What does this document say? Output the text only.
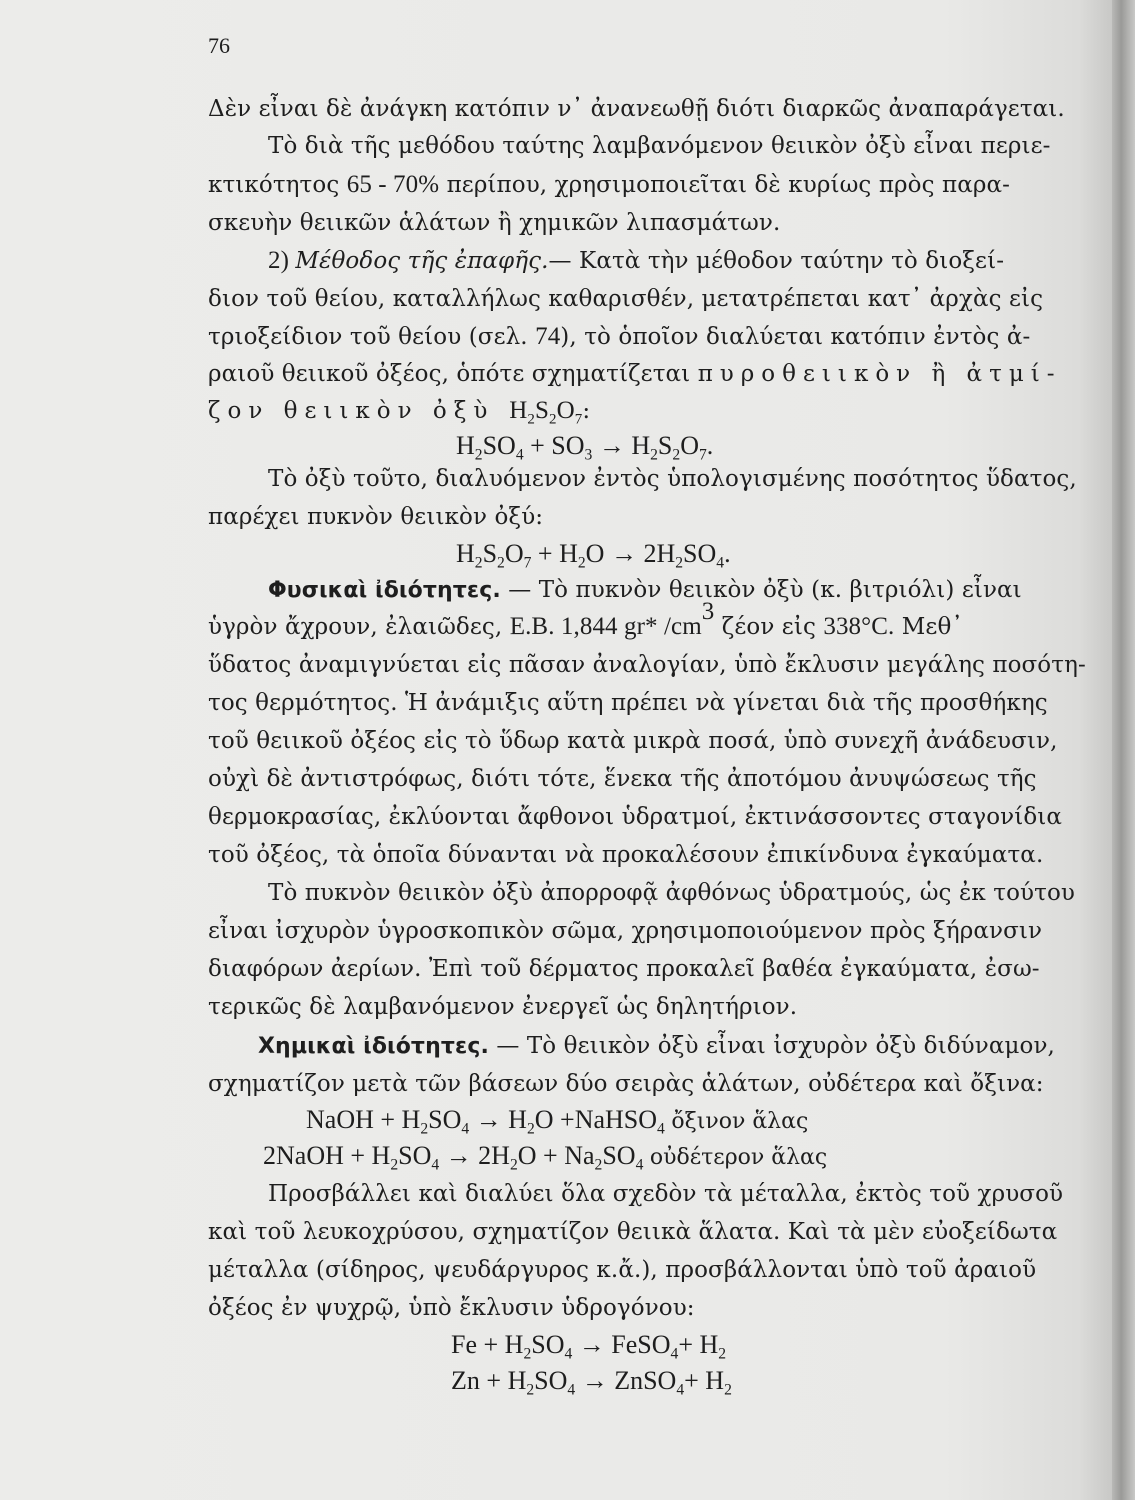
76
Δὲν εἶναι δὲ ἀνάγκη κατόπιν ν᾿ ἀνανεωθῇ διότι διαρκῶς ἀναπαράγεται.
Τὸ διὰ τῆς μεθόδου ταύτης λαμβανόμενον θειικὸν ὀξὺ εἶναι περιε-
κτικότητος 65 - 70% περίπου, χρησιμοποιεῖται δὲ κυρίως πρὸς παρα-
σκευὴν θειικῶν ἁλάτων ἢ χημικῶν λιπασμάτων.
2) Μέθοδος τῆς ἐπαφῆς.— Κατὰ τὴν μέθοδον ταύτην τὸ διοξεί-
διον τοῦ θείου, καταλλήλως καθαρισθέν, μετατρέπεται κατ᾿ ἀρχὰς εἰς
τριοξείδιον τοῦ θείου (σελ. 74), τὸ ὁποῖον διαλύεται κατόπιν ἐντὸς ἀ-
ραιοῦ θειικοῦ ὀξέος, ὁπότε σχηματίζεται πυροθειικὸν ἢ ἀτμί-
ζον θειικὸν ὀξὺ $H_2S_2O_7$:
$H_2SO_4 + SO_3 \to H_2S_2O_7$.
Τὸ ὀξὺ τοῦτο, διαλυόμενον ἐντὸς ὑπολογισμένης ποσότητος ὕδατος,
παρέχει πυκνὸν θειικὸν ὀξύ:
$H_2S_2O_7 + H_2O \to 2H_2SO_4$.
Φυσικαὶ ἰδιότητες. — Τὸ πυκνὸν θειικὸν ὀξὺ (κ. βιτριόλι) εἶναι
ὑγρὸν ἄχρουν, ἐλαιῶδες, Ε.Β. 1,844 gr* $/cm^3$ ζέον εἰς 338°C. Μεθ᾿
ὕδατος ἀναμιγνύεται εἰς πᾶσαν ἀναλογίαν, ὑπὸ ἔκλυσιν μεγάλης ποσότη-
τος θερμότητος. Ἡ ἀνάμιξις αὕτη πρέπει νὰ γίνεται διὰ τῆς προσθήκης
τοῦ θειικοῦ ὀξέος εἰς τὸ ὕδωρ κατὰ μικρὰ ποσά, ὑπὸ συνεχῆ ἀνάδευσιν,
οὐχὶ δὲ ἀντιστρόφως, διότι τότε, ἕνεκα τῆς ἀποτόμου ἀνυψώσεως τῆς
θερμοκρασίας, ἐκλύονται ἄφθονοι ὑδρατμοί, ἐκτινάσσοντες σταγονίδια
τοῦ ὀξέος, τὰ ὁποῖα δύνανται νὰ προκαλέσουν ἐπικίνδυνα ἐγκαύματα.
Τὸ πυκνὸν θειικὸν ὀξὺ ἀπορροφᾷ ἀφθόνως ὑδρατμούς, ὡς ἐκ τούτου
εἶναι ἰσχυρὸν ὑγροσκοπικὸν σῶμα, χρησιμοποιούμενον πρὸς ξήρανσιν
διαφόρων ἀερίων. Ἐπὶ τοῦ δέρματος προκαλεῖ βαθέα ἐγκαύματα, ἐσω-
τερικῶς δὲ λαμβανόμενον ἐνεργεῖ ὡς δηλητήριον.
Χημικαὶ ἰδιότητες. — Τὸ θειικὸν ὀξὺ εἶναι ἰσχυρὸν ὀξὺ διδύναμον,
σχηματίζον μετὰ τῶν βάσεων δύο σειρὰς ἁλάτων, οὐδέτερα καὶ ὄξινα:
NaOH + $H_2SO_4 \to H_2O$ +NaHSO$_4$ ὄξινον ἅλας
2NaOH + $H_2SO_4 \to 2H_2O + Na_2SO_4$ οὐδέτερον ἅλας
Προσβάλλει καὶ διαλύει ὅλα σχεδὸν τὰ μέταλλα, ἐκτὸς τοῦ χρυσοῦ
καὶ τοῦ λευκοχρύσου, σχηματίζον θειικὰ ἅλατα. Καὶ τὰ μὲν εὐοξείδωτα
μέταλλα (σίδηρος, ψευδάργυρος κ.ἄ.), προσβάλλονται ὑπὸ τοῦ ἀραιοῦ
ὀξέος ἐν ψυχρῷ, ὑπὸ ἔκλυσιν ὑδρογόνου:
$Fe + H_2SO_4$ → FeSO$_4$+ $H_2$
$Zn + H_2SO_4$ → ZnSO$_4$+ $H_2$
